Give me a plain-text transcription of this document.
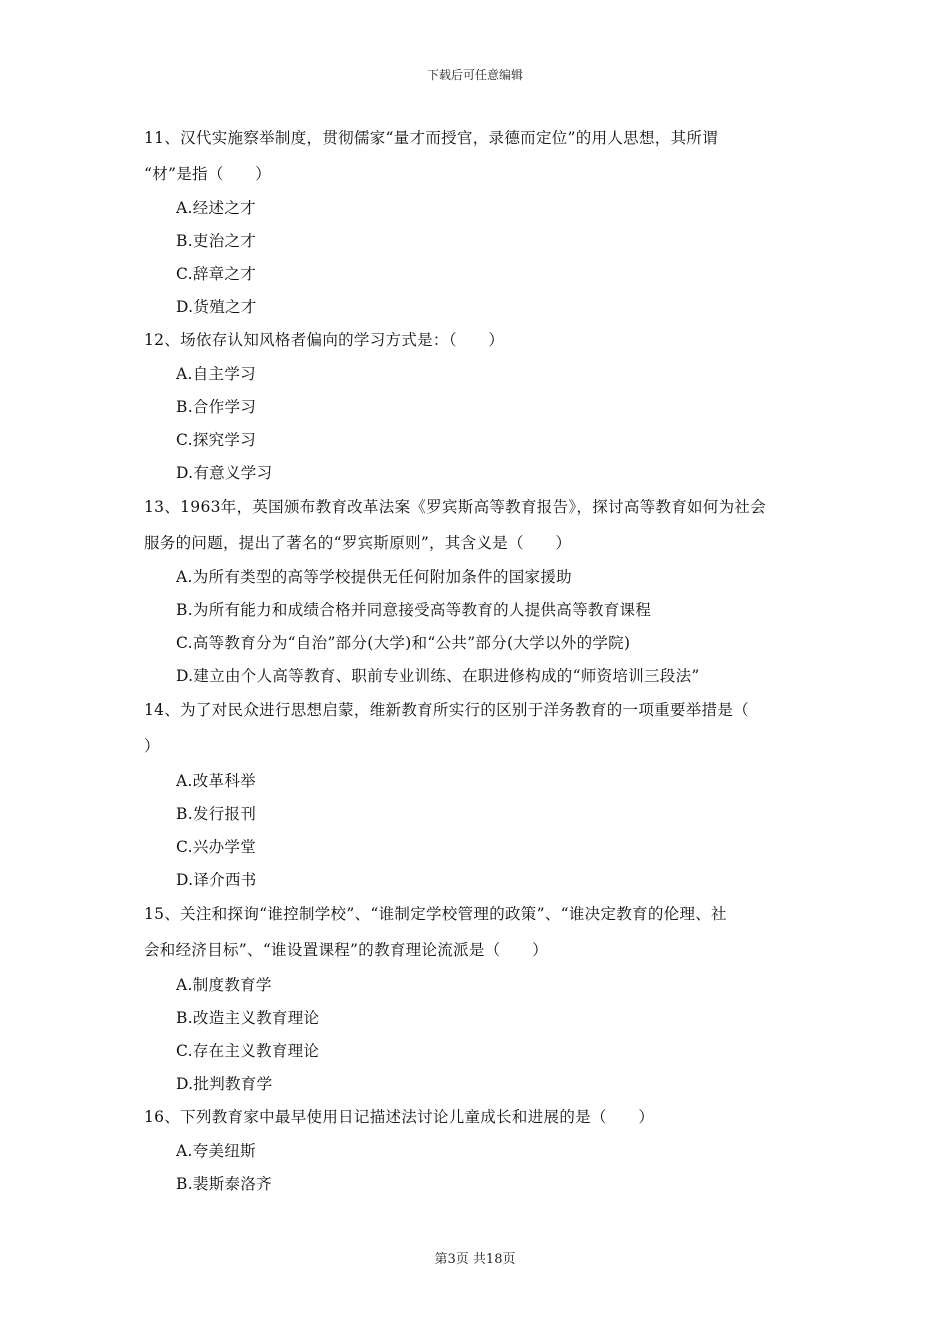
下载后可任意编辑
11、汉代实施察举制度，贯彻儒家“量才而授官，录德而定位”的用人思想，其所谓
“材”是指（　　）
A.经述之才
B.吏治之才
C.辞章之才
D.货殖之才
12、场依存认知风格者偏向的学习方式是：（　　）
A.自主学习
B.合作学习
C.探究学习
D.有意义学习
13、1963年，英国颁布教育改革法案《罗宾斯高等教育报告》，探讨高等教育如何为社会
服务的问题，提出了著名的“罗宾斯原则”，其含义是（　　）
A.为所有类型的高等学校提供无任何附加条件的国家援助
B.为所有能力和成绩合格并同意接受高等教育的人提供高等教育课程
C.高等教育分为“自治”部分(大学)和“公共”部分(大学以外的学院)
D.建立由个人高等教育、职前专业训练、在职进修构成的“师资培训三段法”
14、为了对民众进行思想启蒙，维新教育所实行的区别于洋务教育的一项重要举措是（
）
A.改革科举
B.发行报刊
C.兴办学堂
D.译介西书
15、关注和探询“谁控制学校”、“谁制定学校管理的政策”、“谁决定教育的伦理、社
会和经济目标”、“谁设置课程”的教育理论流派是（　　）
A.制度教育学
B.改造主义教育理论
C.存在主义教育理论
D.批判教育学
16、下列教育家中最早使用日记描述法讨论儿童成长和进展的是（　　）
A.夸美纽斯
B.裴斯泰洛齐
第3页 共18页
